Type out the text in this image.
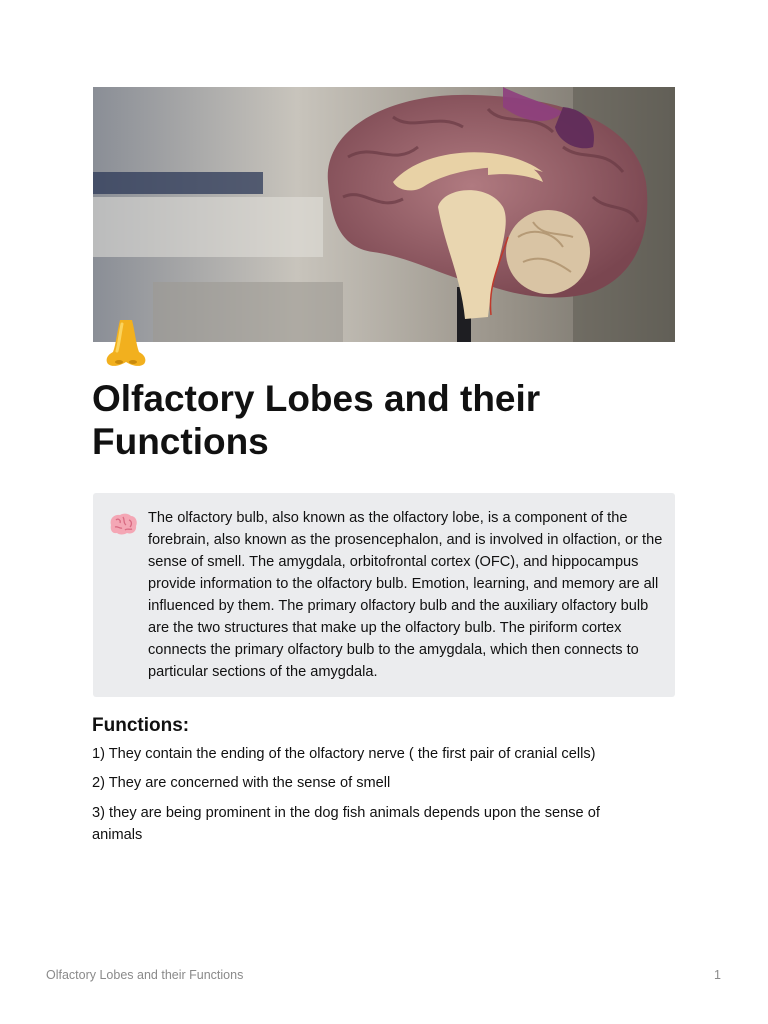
Olfactory Lobes and their Functions

The olfactory bulb, also known as the olfactory lobe, is a component of the forebrain, also known as the prosencephalon, and is involved in olfaction, or the sense of smell. The amygdala, orbitofrontal cortex (OFC), and hippocampus provide information to the olfactory bulb. Emotion, learning, and memory are all influenced by them. The primary olfactory bulb and the auxiliary olfactory bulb are the two structures that make up the olfactory bulb. The piriform cortex connects the primary olfactory bulb to the amygdala, which then connects to particular sections of the amygdala.

Functions:

1) They contain the ending of the olfactory nerve ( the first pair of cranial cells)

2) They are concerned with the sense of smell

3) they are being prominent in the dog fish animals depends upon the sense of animals

Olfactory Lobes and their Functions	1
